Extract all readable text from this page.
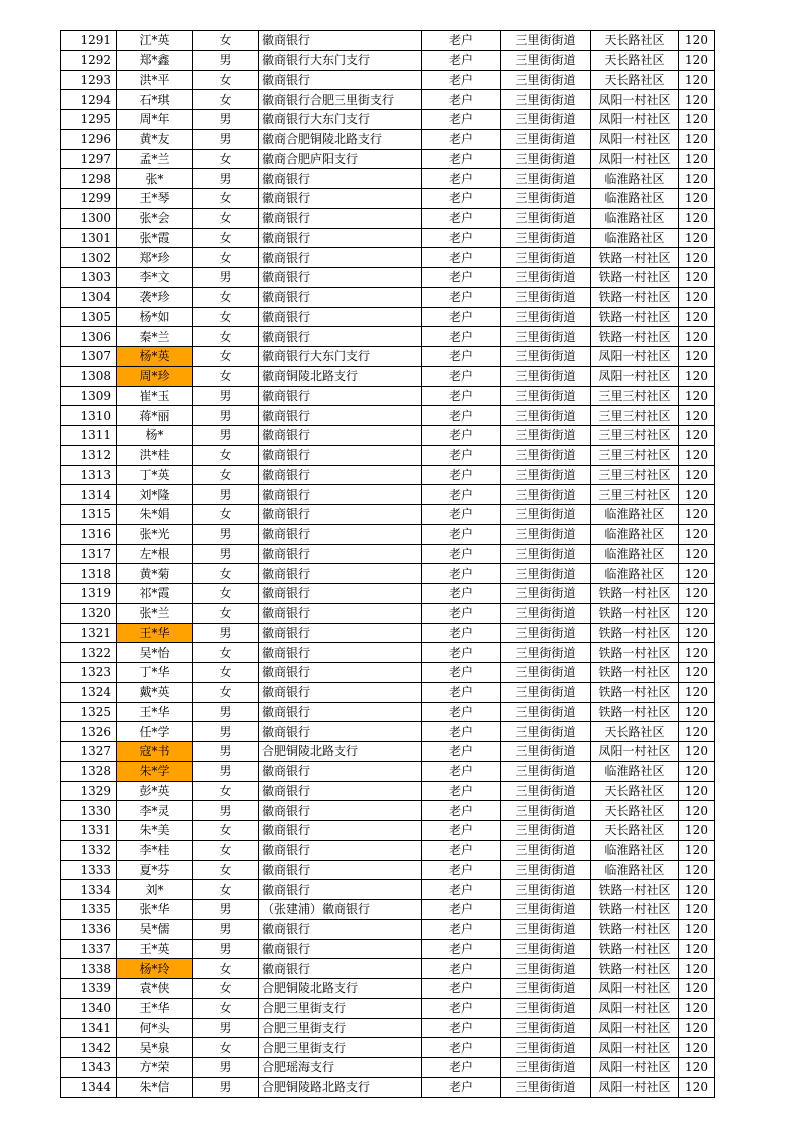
1291	江*英	女	徽商银行	老户	三里街街道	天长路社区	120
1292	郑*鑫	男	徽商银行大东门支行	老户	三里街街道	天长路社区	120
1293	洪*平	女	徽商银行	老户	三里街街道	天长路社区	120
1294	石*琪	女	徽商银行合肥三里街支行	老户	三里街街道	凤阳一村社区	120
1295	周*年	男	徽商银行大东门支行	老户	三里街街道	凤阳一村社区	120
1296	黄*友	男	徽商合肥铜陵北路支行	老户	三里街街道	凤阳一村社区	120
1297	孟*兰	女	徽商合肥庐阳支行	老户	三里街街道	凤阳一村社区	120
1298	张*	男	徽商银行	老户	三里街街道	临淮路社区	120
1299	王*琴	女	徽商银行	老户	三里街街道	临淮路社区	120
1300	张*会	女	徽商银行	老户	三里街街道	临淮路社区	120
1301	张*霞	女	徽商银行	老户	三里街街道	临淮路社区	120
1302	郑*珍	女	徽商银行	老户	三里街街道	铁路一村社区	120
1303	李*文	男	徽商银行	老户	三里街街道	铁路一村社区	120
1304	袭*珍	女	徽商银行	老户	三里街街道	铁路一村社区	120
1305	杨*如	女	徽商银行	老户	三里街街道	铁路一村社区	120
1306	秦*兰	女	徽商银行	老户	三里街街道	铁路一村社区	120
1307	杨*英	女	徽商银行大东门支行	老户	三里街街道	凤阳一村社区	120
1308	周*珍	女	徽商铜陵北路支行	老户	三里街街道	凤阳一村社区	120
1309	崔*玉	男	徽商银行	老户	三里街街道	三里三村社区	120
1310	蒋*丽	男	徽商银行	老户	三里街街道	三里三村社区	120
1311	杨*	男	徽商银行	老户	三里街街道	三里三村社区	120
1312	洪*桂	女	徽商银行	老户	三里街街道	三里三村社区	120
1313	丁*英	女	徽商银行	老户	三里街街道	三里三村社区	120
1314	刘*隆	男	徽商银行	老户	三里街街道	三里三村社区	120
1315	朱*娟	女	徽商银行	老户	三里街街道	临淮路社区	120
1316	张*光	男	徽商银行	老户	三里街街道	临淮路社区	120
1317	左*根	男	徽商银行	老户	三里街街道	临淮路社区	120
1318	黄*菊	女	徽商银行	老户	三里街街道	临淮路社区	120
1319	祁*霞	女	徽商银行	老户	三里街街道	铁路一村社区	120
1320	张*兰	女	徽商银行	老户	三里街街道	铁路一村社区	120
1321	王*华	男	徽商银行	老户	三里街街道	铁路一村社区	120
1322	吴*怡	女	徽商银行	老户	三里街街道	铁路一村社区	120
1323	丁*华	女	徽商银行	老户	三里街街道	铁路一村社区	120
1324	戴*英	女	徽商银行	老户	三里街街道	铁路一村社区	120
1325	王*华	男	徽商银行	老户	三里街街道	铁路一村社区	120
1326	任*学	男	徽商银行	老户	三里街街道	天长路社区	120
1327	寇*书	男	合肥铜陵北路支行	老户	三里街街道	凤阳一村社区	120
1328	朱*学	男	徽商银行	老户	三里街街道	临淮路社区	120
1329	彭*英	女	徽商银行	老户	三里街街道	天长路社区	120
1330	李*灵	男	徽商银行	老户	三里街街道	天长路社区	120
1331	朱*美	女	徽商银行	老户	三里街街道	天长路社区	120
1332	李*桂	女	徽商银行	老户	三里街街道	临淮路社区	120
1333	夏*芬	女	徽商银行	老户	三里街街道	临淮路社区	120
1334	刘*	女	徽商银行	老户	三里街街道	铁路一村社区	120
1335	张*华	男	（张建浦）徽商银行	老户	三里街街道	铁路一村社区	120
1336	吴*儒	男	徽商银行	老户	三里街街道	铁路一村社区	120
1337	王*英	男	徽商银行	老户	三里街街道	铁路一村社区	120
1338	杨*玲	女	徽商银行	老户	三里街街道	铁路一村社区	120
1339	袁*侠	女	合肥铜陵北路支行	老户	三里街街道	凤阳一村社区	120
1340	王*华	女	合肥三里街支行	老户	三里街街道	凤阳一村社区	120
1341	何*头	男	合肥三里街支行	老户	三里街街道	凤阳一村社区	120
1342	吴*泉	女	合肥三里街支行	老户	三里街街道	凤阳一村社区	120
1343	方*荣	男	合肥瑶海支行	老户	三里街街道	凤阳一村社区	120
1344	朱*信	男	合肥铜陵路北路支行	老户	三里街街道	凤阳一村社区	120
